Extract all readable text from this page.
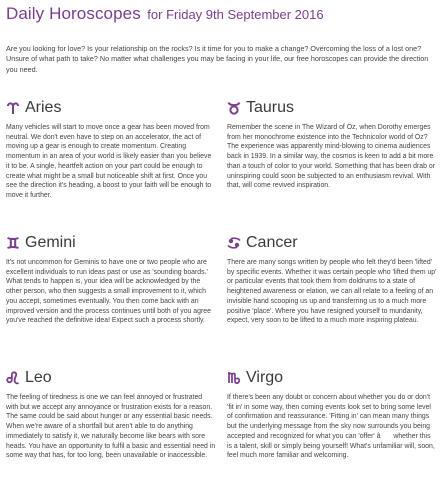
Daily Horoscopes for Friday 9th September 2016
Are you looking for love? Is your relationship on the rocks? Is it time for you to make a change? Overcoming the loss of a lost one? Unsure of what path to take? No matter what challenges you may be facing in your life, our free horoscopes can provide the direction you need.
Aries
Many vehicles will start to move once a gear has been moved from neutral. We don't even have to step on an accelerator, the act of moving up a gear is enough to create momentum. Creating momentum in an area of your world is likely easier than you believe it to be. A single, heartfelt action on your part could be enough to create what might be a small but noticeable shift at first. Once you see the direction it's heading, a boost to your faith will be enough to move it further.
Taurus
Remember the scene in The Wizard of Oz, when Dorothy emerges from her monochrome existence into the Technicolor world of Oz? The experience was apparently mind-blowing to cinema audiences back in 1939. In a similar way, the cosmos is keen to add a bit more than a touch of color to your world. Something that has been drab or uninspiring could soon be subjected to an enthusiasm revival. With that, will come revived inspiration.
Gemini
It's not uncommon for Geminis to have one or two people who are excellent individuals to run ideas past or use as 'sounding boards.' What tends to happen is, your idea will be acknowledged by the other person, who then suggests a small improvement to it, which you accept, sometimes eventually. You then come back with an improved version and the process continues until both of you agree you've reached the definitive idea! Expect such a process shortly.
Cancer
There are many songs written by people who felt they'd been 'lifted' by specific events. Whether it was certain people who 'lifted them up' or particular events that took them from doldrums to a state of heightened awareness or elation, we can all relate to a feeling of an invisible hand scooping us up and transferring us to a much more positive 'place'. Where you have resigned yourself to mundanity, expect, very soon to be lifted to a much more inspiring plateau.
Leo
The feeling of tiredness is one we can feel annoyed or frustrated with but we accept any annoyance or frustration exists for a reason. The same could be said about hunger or any essential basic needs. When we're aware of a shortfall but aren't able to do anything immediately to satisfy it, we naturally become like bears with sore heads. You have an opportunity to fulfil a basic and essential need in some way that has, for too long, been unavailable or inaccessible.
Virgo
If there's been any doubt or concern about whether you do or don't 'fit in' in some way, then coming events look set to bring some level of confirmation and reassurance. 'Fitting in' can mean many things but the underlying message from the sky now surrounds you being accepted and recognized for what you can 'offer' â whether this is a talent, skill or simply being yourself! What's unfamiliar will, soon, feel much more familiar and welcoming.
